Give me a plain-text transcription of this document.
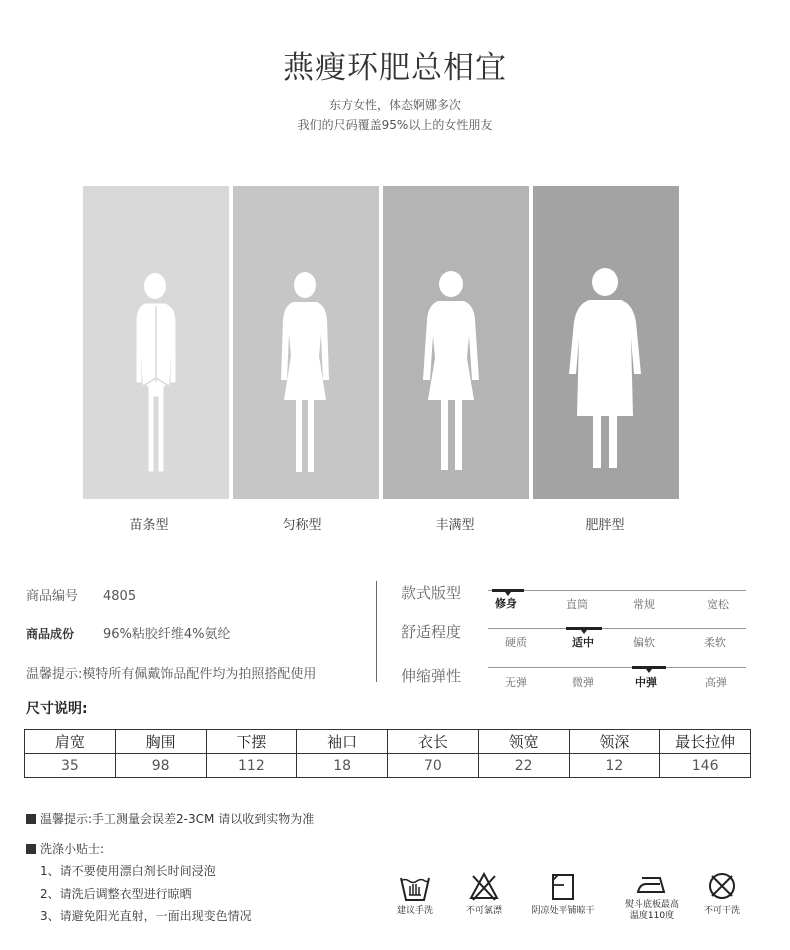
燕瘦环肥总相宜
东方女性，体态婀娜多次
我们的尺码覆盖95%以上的女性朋友
苗条型	匀称型	丰满型	肥胖型
商品编号 4805
商品成份 96%粘胶纤维4%氨纶
温馨提示:模特所有佩戴饰品配件均为拍照搭配使用
款式版型
修身	直筒	常规	宽松
舒适程度
硬质	适中	偏软	柔软
伸缩弹性	无弹	微弹	中弹	高弹
尺寸说明:
肩宽	胸围	下摆	袖口	衣长	领宽	领深	最长拉伸
35	98	112	18	70	22	12	146
温馨提示:手工测量会误差2-3CM 请以收到实物为准
洗涤小贴士:
1、请不要使用漂白剂长时间浸泡
2、请洗后调整衣型进行晾晒
3、请避免阳光直射，一面出现变色情况	建议手洗	不可氯漂	阴凉处平铺晾干
熨斗底板最高
温度110度	不可干洗
